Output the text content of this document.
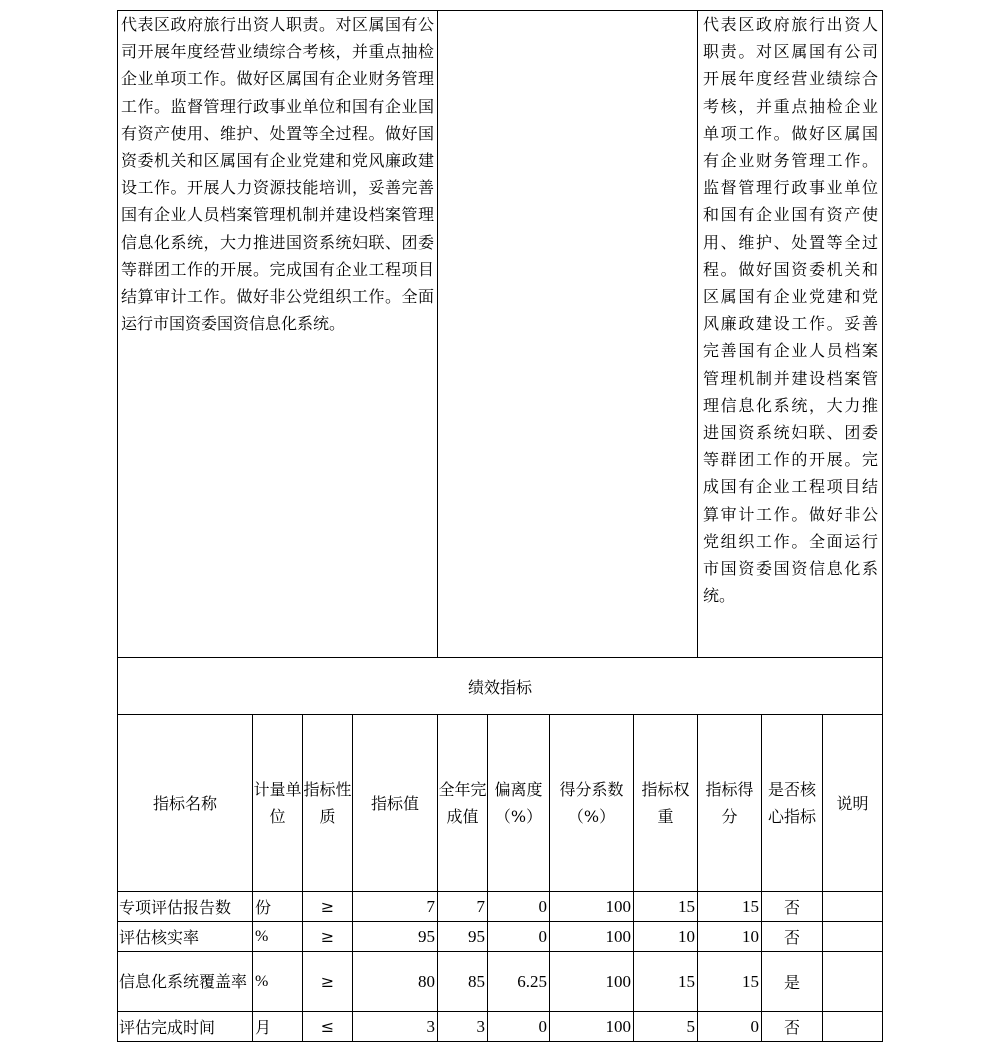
代表区政府旅行出资人职责。对区属国有公司开展年度经营业绩综合考核，并重点抽检企业单项工作。做好区属国有企业财务管理工作。监督管理行政事业单位和国有企业国有资产使用、维护、处置等全过程。做好国资委机关和区属国有企业党建和党风廉政建设工作。开展人力资源技能培训，妥善完善国有企业人员档案管理机制并建设档案管理信息化系统，大力推进国资系统妇联、团委等群团工作的开展。完成国有企业工程项目结算审计工作。做好非公党组织工作。全面运行市国资委国资信息化系统。

代表区政府旅行出资人职责。对区属国有公司开展年度经营业绩综合考核，并重点抽检企业单项工作。做好区属国有企业财务管理工作。监督管理行政事业单位和国有企业国有资产使用、维护、处置等全过程。做好国资委机关和区属国有企业党建和党风廉政建设工作。妥善完善国有企业人员档案管理机制并建设档案管理信息化系统，大力推进国资系统妇联、团委等群团工作的开展。完成国有企业工程项目结算审计工作。做好非公党组织工作。全面运行市国资委国资信息化系统。

绩效指标
指标名称	计量单位	指标性质	指标值	全年完成值	偏离度（%）	得分系数（%）	指标权重	指标得分	是否核心指标	说明
专项评估报告数	份	≥	7	7	0	100	15	15	否	
评估核实率	%	≥	95	95	0	100	10	10	否	
信息化系统覆盖率	%	≥	80	85	6.25	100	15	15	是	
评估完成时间	月	≤	3	3	0	100	5	0	否	
